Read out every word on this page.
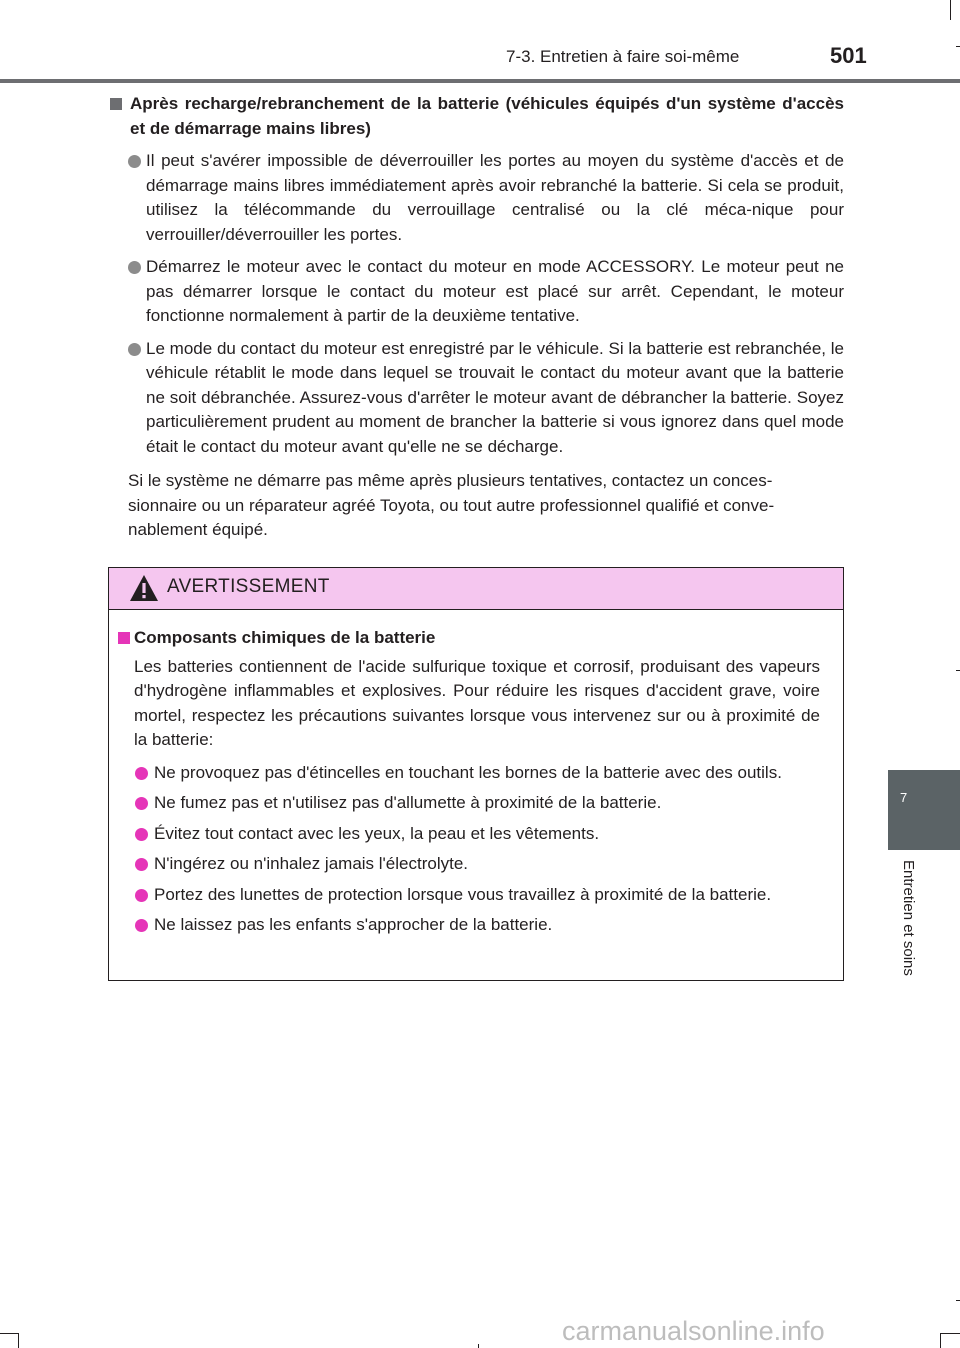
7-3. Entretien à faire soi-même	501
Après recharge/rebranchement de la batterie (véhicules équipés d'un système d'accès et de démarrage mains libres)
Il peut s'avérer impossible de déverrouiller les portes au moyen du système d'accès et de démarrage mains libres immédiatement après avoir rebranché la batterie. Si cela se produit, utilisez la télécommande du verrouillage centralisé ou la clé méca-nique pour verrouiller/déverrouiller les portes.
Démarrez le moteur avec le contact du moteur en mode ACCESSORY. Le moteur peut ne pas démarrer lorsque le contact du moteur est placé sur arrêt. Cependant, le moteur fonctionne normalement à partir de la deuxième tentative.
Le mode du contact du moteur est enregistré par le véhicule. Si la batterie est rebranchée, le véhicule rétablit le mode dans lequel se trouvait le contact du moteur avant que la batterie ne soit débranchée. Assurez-vous d'arrêter le moteur avant de débrancher la batterie. Soyez particulièrement prudent au moment de brancher la batterie si vous ignorez dans quel mode était le contact du moteur avant qu'elle ne se décharge.
Si le système ne démarre pas même après plusieurs tentatives, contactez un conces-sionnaire ou un réparateur agréé Toyota, ou tout autre professionnel qualifié et conve-nablement équipé.
AVERTISSEMENT
Composants chimiques de la batterie
Les batteries contiennent de l'acide sulfurique toxique et corrosif, produisant des vapeurs d'hydrogène inflammables et explosives. Pour réduire les risques d'accident grave, voire mortel, respectez les précautions suivantes lorsque vous intervenez sur ou à proximité de la batterie:
Ne provoquez pas d'étincelles en touchant les bornes de la batterie avec des outils.
Ne fumez pas et n'utilisez pas d'allumette à proximité de la batterie.
Évitez tout contact avec les yeux, la peau et les vêtements.
N'ingérez ou n'inhalez jamais l'électrolyte.
Portez des lunettes de protection lorsque vous travaillez à proximité de la batterie.
Ne laissez pas les enfants s'approcher de la batterie.
7
Entretien et soins
carmanualsonline.info
